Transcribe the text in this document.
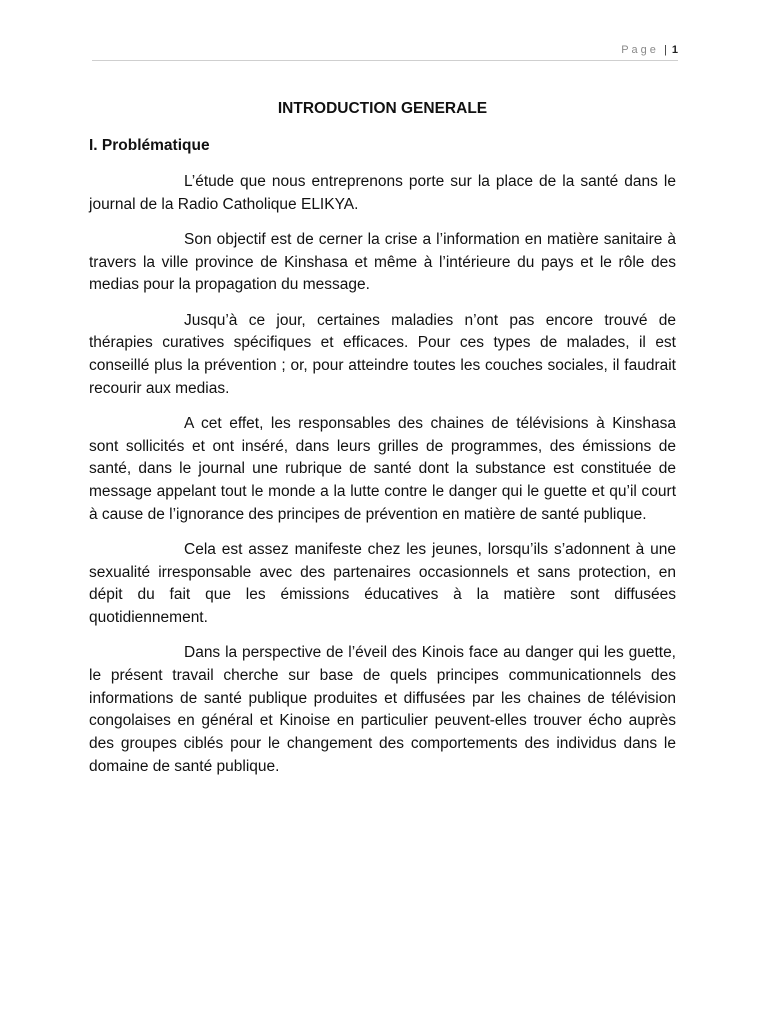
Page | 1
INTRODUCTION GENERALE
I. Problématique

L’étude que nous entreprenons porte sur la place de la santé dans le journal de la Radio Catholique ELIKYA.

Son objectif est de cerner la crise a l’information en matière sanitaire à travers la ville province de Kinshasa et même à l’intérieure du pays et le rôle des medias pour la propagation du message.

Jusqu’à ce jour, certaines maladies n’ont pas encore trouvé de thérapies curatives spécifiques et efficaces. Pour ces types de malades, il est conseillé plus la prévention ; or, pour atteindre toutes les couches sociales, il faudrait recourir aux medias.

A cet effet, les responsables des chaines de télévisions à Kinshasa sont sollicités et ont inséré, dans leurs grilles de programmes, des émissions de santé, dans le journal une rubrique de santé dont la substance est constituée de message appelant tout le monde a la lutte contre le danger qui le guette et qu’il court à cause de l’ignorance des principes de prévention en matière de santé publique.

Cela est assez manifeste chez les jeunes, lorsqu’ils s’adonnent à une sexualité irresponsable avec des partenaires occasionnels et sans protection, en dépit du fait que les émissions éducatives à la matière sont diffusées quotidiennement.

Dans la perspective de l’éveil des Kinois face au danger qui les guette, le présent travail cherche sur base de quels principes communicationnels des informations de santé publique produites et diffusées par les chaines de télévision congolaises en général et Kinoise en particulier peuvent-elles trouver écho auprès des groupes ciblés pour le changement des comportements des individus dans le domaine de santé publique.
